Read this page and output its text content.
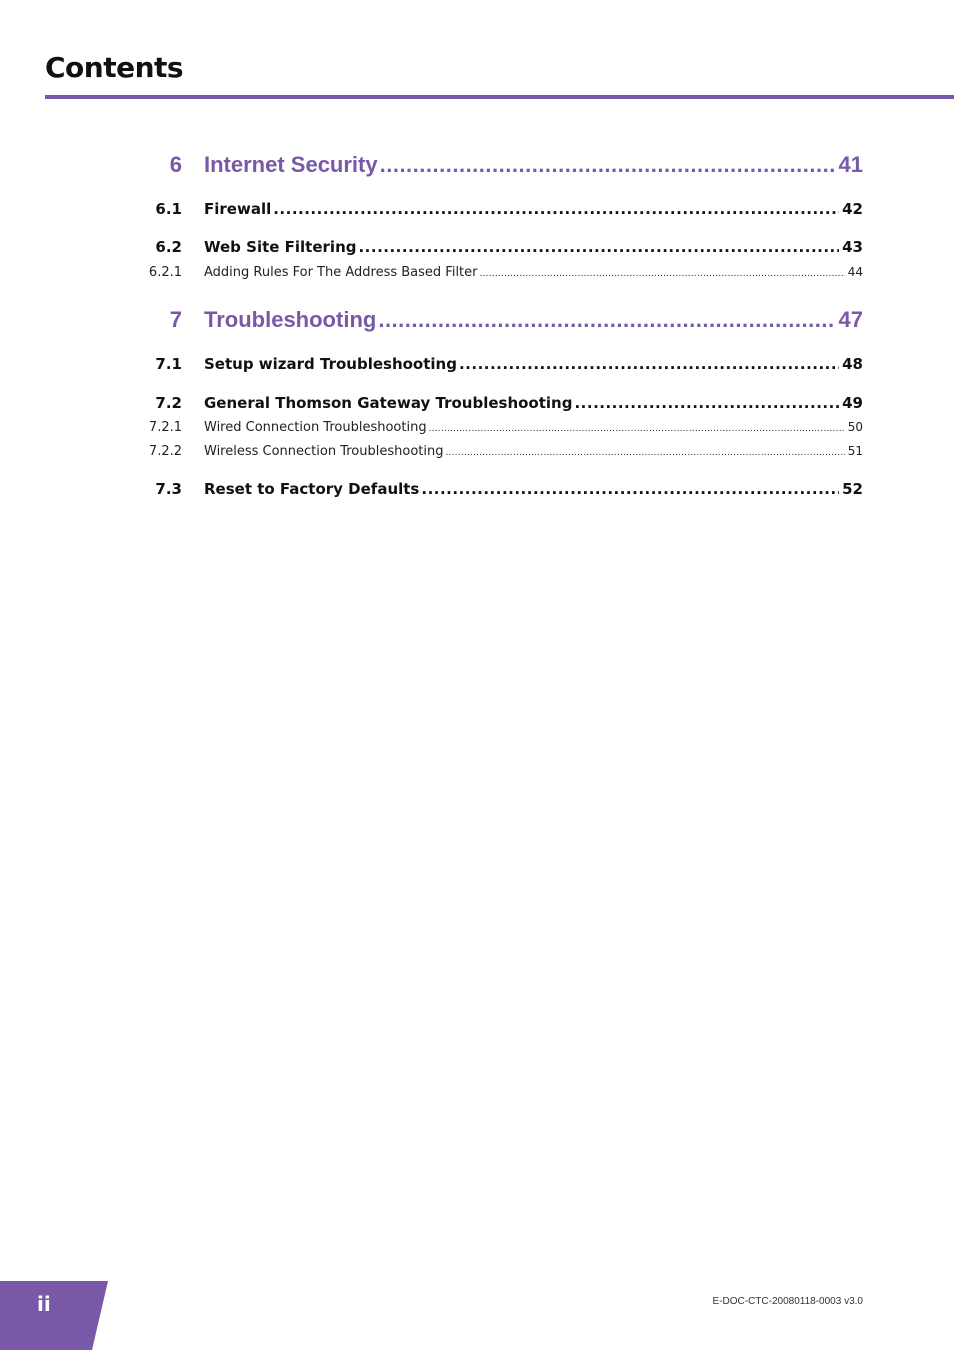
Contents
6 Internet Security .....	41
6.1 Firewall .....	42
6.2 Web Site Filtering .....	43
6.2.1 Adding Rules For The Address Based Filter .....	44
7 Troubleshooting .....	47
7.1 Setup wizard Troubleshooting .....	48
7.2 General Thomson Gateway Troubleshooting .....	49
7.2.1 Wired Connection Troubleshooting .....	50
7.2.2 Wireless Connection Troubleshooting .....	51
7.3 Reset to Factory Defaults .....	52
ii	E-DOC-CTC-20080118-0003 v3.0
